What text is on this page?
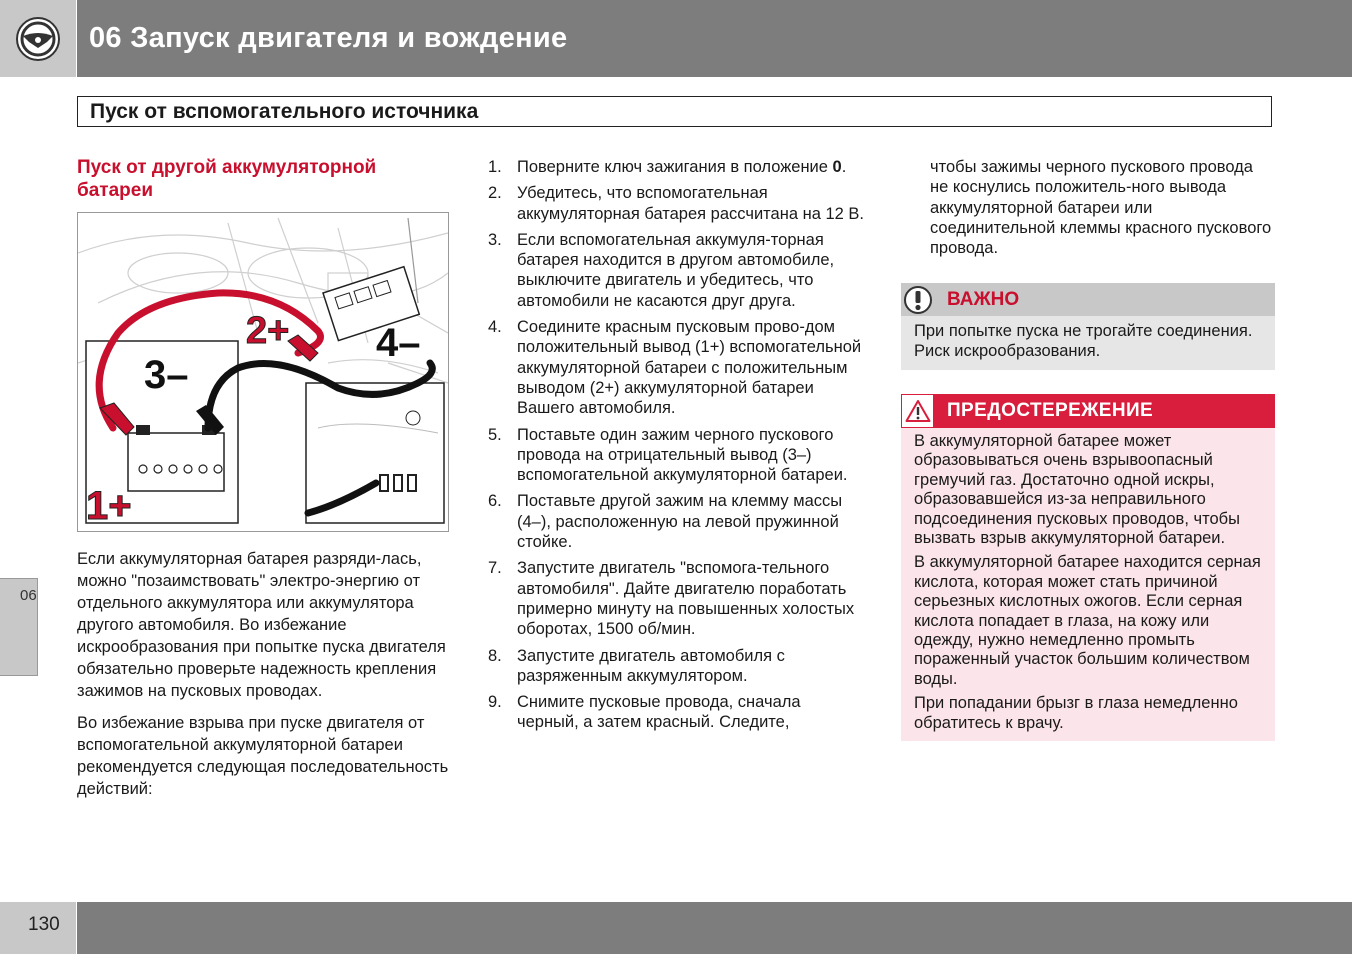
06 Запуск двигателя и вождение
Пуск от вспомогательного источника
06
Пуск от другой аккумуляторной батареи
2+
3–
4–
1+

Если аккумуляторная батарея разряди-лась, можно "позаимствовать" электро-энергию от отдельного аккумулятора или аккумулятора другого автомобиля. Во избежание искрообразования при попытке пуска двигателя обязательно проверьте надежность крепления зажимов на пусковых проводах.

Во избежание взрыва при пуске двигателя от вспомогательной аккумуляторной батареи рекомендуется следующая последовательность действий:

1. Поверните ключ зажигания в положение 0.
2. Убедитесь, что вспомогательная аккумуляторная батарея рассчитана на 12 В.
3. Если вспомогательная аккумуля-торная батарея находится в другом автомобиле, выключите двигатель и убедитесь, что автомобили не касаются друг друга.
4. Соедините красным пусковым прово-дом положительный вывод (1+) вспомогательной аккумуляторной батареи с положительным выводом (2+) аккумуляторной батареи Вашего автомобиля.
5. Поставьте один зажим черного пускового провода на отрицательный вывод (3–) вспомогательной аккумуляторной батареи.
6. Поставьте другой зажим на клемму массы (4–), расположенную на левой пружинной стойке.
7. Запустите двигатель "вспомога-тельного автомобиля". Дайте двигателю поработать примерно минуту на повышенных холостых оборотах, 1500 об/мин.
8. Запустите двигатель автомобиля с разряженным аккумулятором.
9. Снимите пусковые провода, сначала черный, а затем красный. Следите,

чтобы зажимы черного пускового провода не коснулись положитель-ного вывода аккумуляторной батареи или соединительной клеммы красного пускового провода.

ВАЖНО
При попытке пуска не трогайте соединения. Риск искрообразования.
ПРЕДОСТЕРЕЖЕНИЕ

В аккумуляторной батарее может образовываться очень взрывоопасный гремучий газ. Достаточно одной искры, образовавшейся из-за неправильного подсоединения пусковых проводов, чтобы вызвать взрыв аккумуляторной батареи.

В аккумуляторной батарее находится серная кислота, которая может стать причиной серьезных кислотных ожогов. Если серная кислота попадает в глаза, на кожу или одежду, нужно немедленно промыть пораженный участок большим количеством воды.

При попадании брызг в глаза немедленно обратитесь к врачу.

130
